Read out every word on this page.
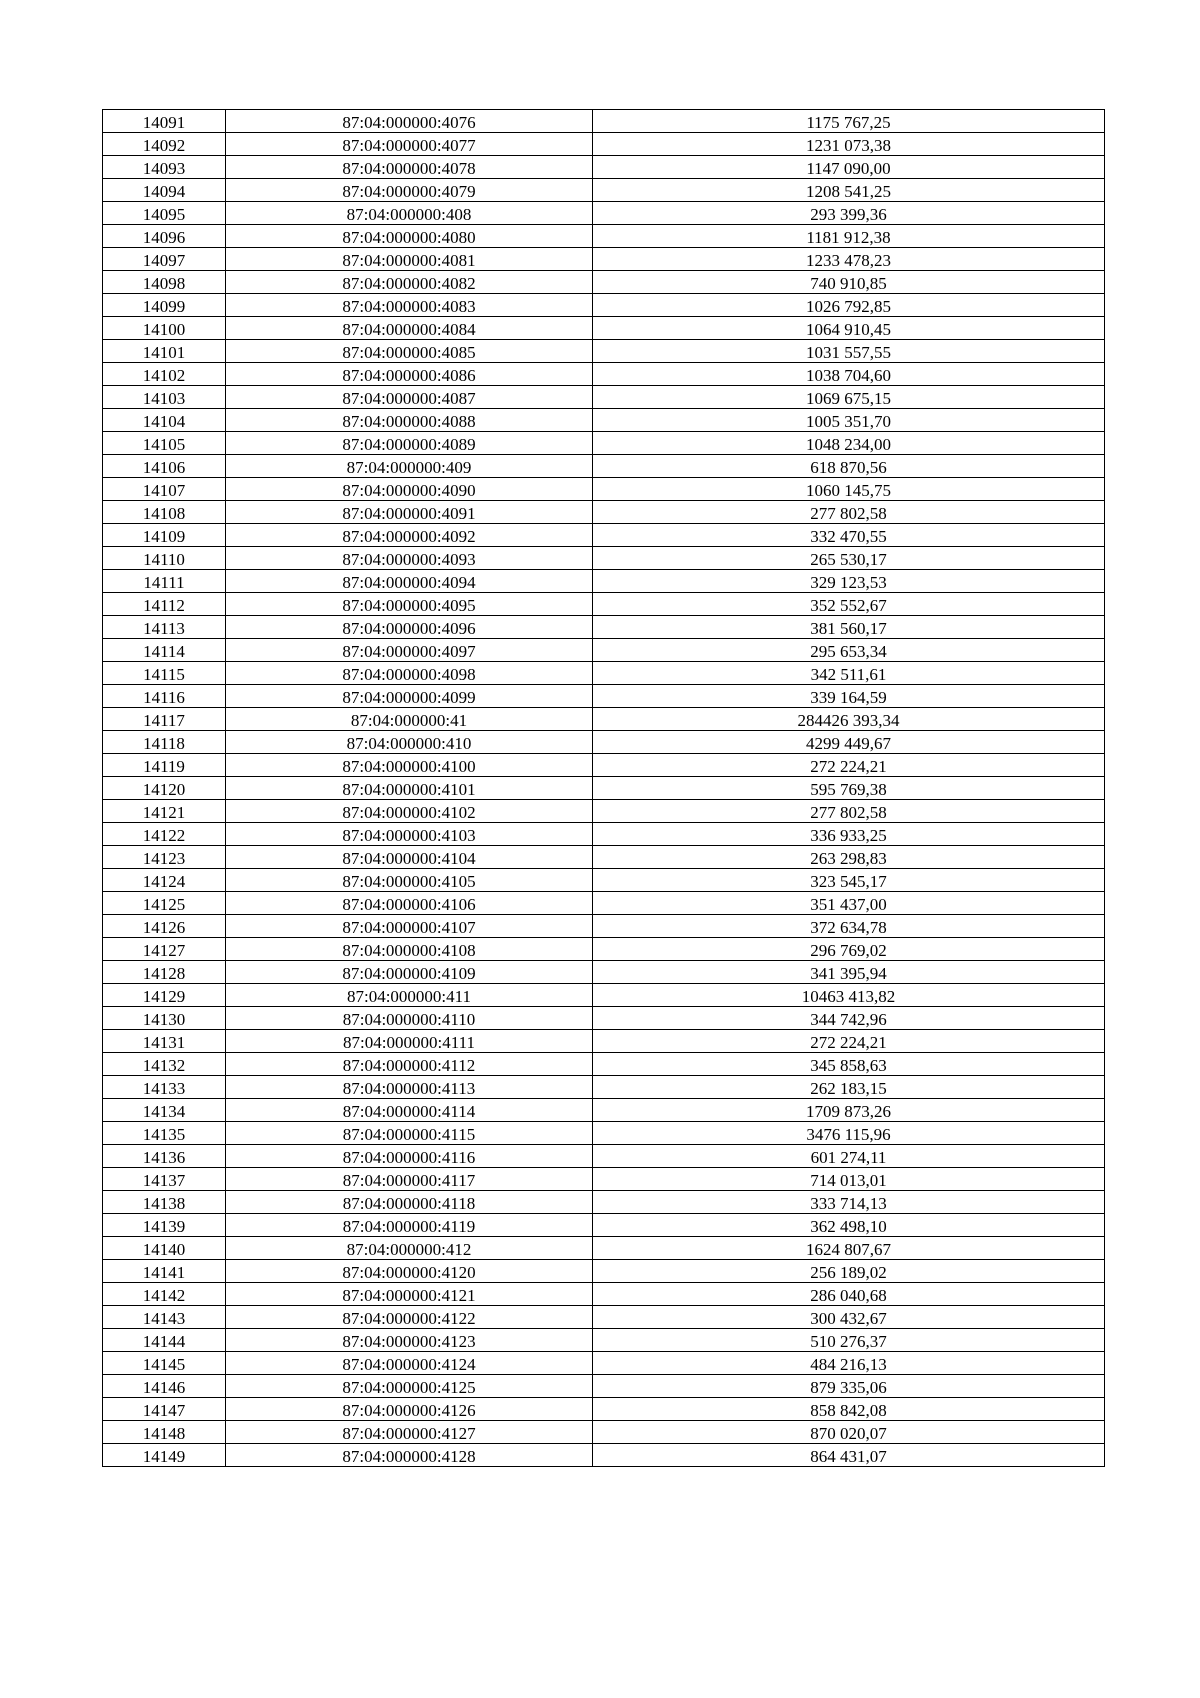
14091	87:04:000000:4076	1175 767,25
14092	87:04:000000:4077	1231 073,38
14093	87:04:000000:4078	1147 090,00
14094	87:04:000000:4079	1208 541,25
14095	87:04:000000:408	293 399,36
14096	87:04:000000:4080	1181 912,38
14097	87:04:000000:4081	1233 478,23
14098	87:04:000000:4082	740 910,85
14099	87:04:000000:4083	1026 792,85
14100	87:04:000000:4084	1064 910,45
14101	87:04:000000:4085	1031 557,55
14102	87:04:000000:4086	1038 704,60
14103	87:04:000000:4087	1069 675,15
14104	87:04:000000:4088	1005 351,70
14105	87:04:000000:4089	1048 234,00
14106	87:04:000000:409	618 870,56
14107	87:04:000000:4090	1060 145,75
14108	87:04:000000:4091	277 802,58
14109	87:04:000000:4092	332 470,55
14110	87:04:000000:4093	265 530,17
14111	87:04:000000:4094	329 123,53
14112	87:04:000000:4095	352 552,67
14113	87:04:000000:4096	381 560,17
14114	87:04:000000:4097	295 653,34
14115	87:04:000000:4098	342 511,61
14116	87:04:000000:4099	339 164,59
14117	87:04:000000:41	284426 393,34
14118	87:04:000000:410	4299 449,67
14119	87:04:000000:4100	272 224,21
14120	87:04:000000:4101	595 769,38
14121	87:04:000000:4102	277 802,58
14122	87:04:000000:4103	336 933,25
14123	87:04:000000:4104	263 298,83
14124	87:04:000000:4105	323 545,17
14125	87:04:000000:4106	351 437,00
14126	87:04:000000:4107	372 634,78
14127	87:04:000000:4108	296 769,02
14128	87:04:000000:4109	341 395,94
14129	87:04:000000:411	10463 413,82
14130	87:04:000000:4110	344 742,96
14131	87:04:000000:4111	272 224,21
14132	87:04:000000:4112	345 858,63
14133	87:04:000000:4113	262 183,15
14134	87:04:000000:4114	1709 873,26
14135	87:04:000000:4115	3476 115,96
14136	87:04:000000:4116	601 274,11
14137	87:04:000000:4117	714 013,01
14138	87:04:000000:4118	333 714,13
14139	87:04:000000:4119	362 498,10
14140	87:04:000000:412	1624 807,67
14141	87:04:000000:4120	256 189,02
14142	87:04:000000:4121	286 040,68
14143	87:04:000000:4122	300 432,67
14144	87:04:000000:4123	510 276,37
14145	87:04:000000:4124	484 216,13
14146	87:04:000000:4125	879 335,06
14147	87:04:000000:4126	858 842,08
14148	87:04:000000:4127	870 020,07
14149	87:04:000000:4128	864 431,07
